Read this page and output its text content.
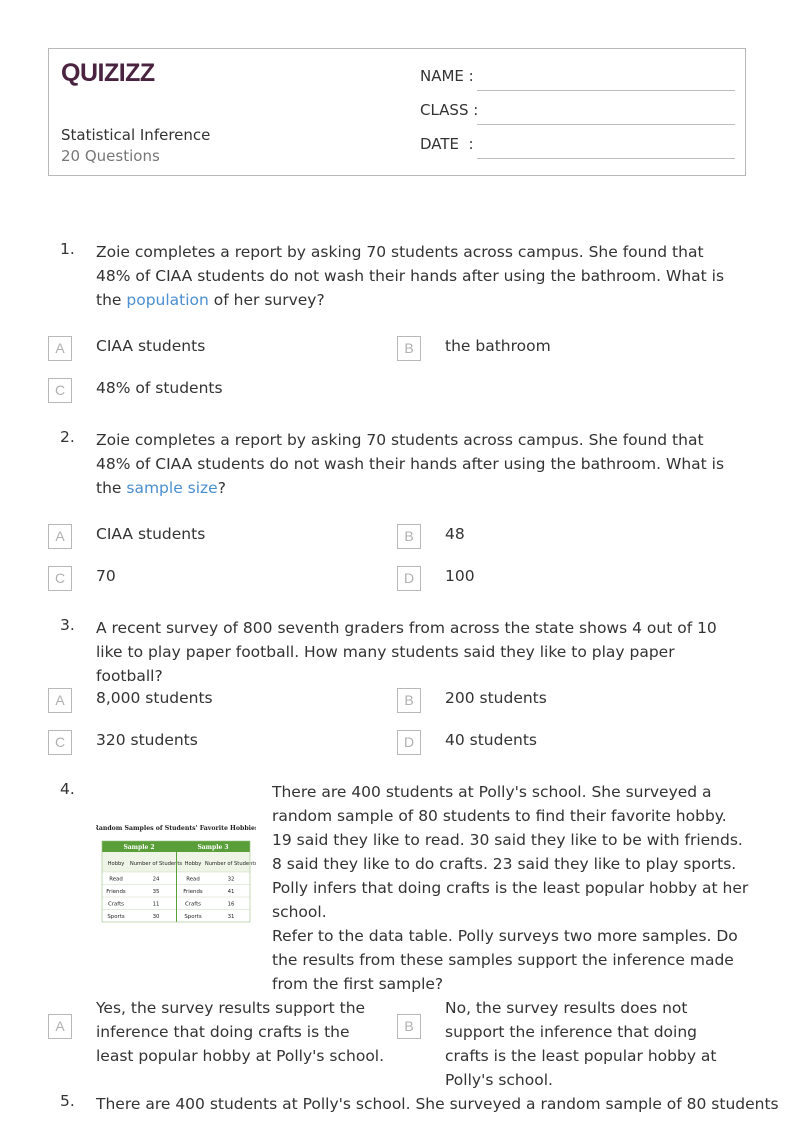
QUIZIZZ
Statistical Inference
20 Questions
NAME :
CLASS :
DATE  :
1. Zoie completes a report by asking 70 students across campus. She found that 48% of CIAA students do not wash their hands after using the bathroom. What is the population of her survey?
A	CIAA students	B	the bathroom
C	48% of students
2. Zoie completes a report by asking 70 students across campus. She found that 48% of CIAA students do not wash their hands after using the bathroom. What is the sample size?
A	CIAA students	B	48
C	70	D	100
3. A recent survey of 800 seventh graders from across the state shows 4 out of 10 like to play paper football. How many students said they like to play paper football?
A	8,000 students	B	200 students
C	320 students	D	40 students
4.
Random Samples of Students' Favorite Hobbies
Sample 2	Sample 3
Hobby Number of Students Hobby Number of Students
Read	24	Read	32
Friends	35	Friends	41
Crafts	11	Crafts	16
Sports	30	Sports	31

There are 400 students at Polly's school. She surveyed a random sample of 80 students to find their favorite hobby. 19 said they like to read. 30 said they like to be with friends. 8 said they like to do crafts. 23 said they like to play sports. Polly infers that doing crafts is the least popular hobby at her school.

Refer to the data table. Polly surveys two more samples. Do the results from these samples support the inference made from the first sample?

A
Yes, the survey results support the inference that doing crafts is the least popular hobby at Polly's school.
B
No, the survey results does not support the inference that doing crafts is the least popular hobby at Polly's school.
5. There are 400 students at Polly's school. She surveyed a random sample of 80 students
